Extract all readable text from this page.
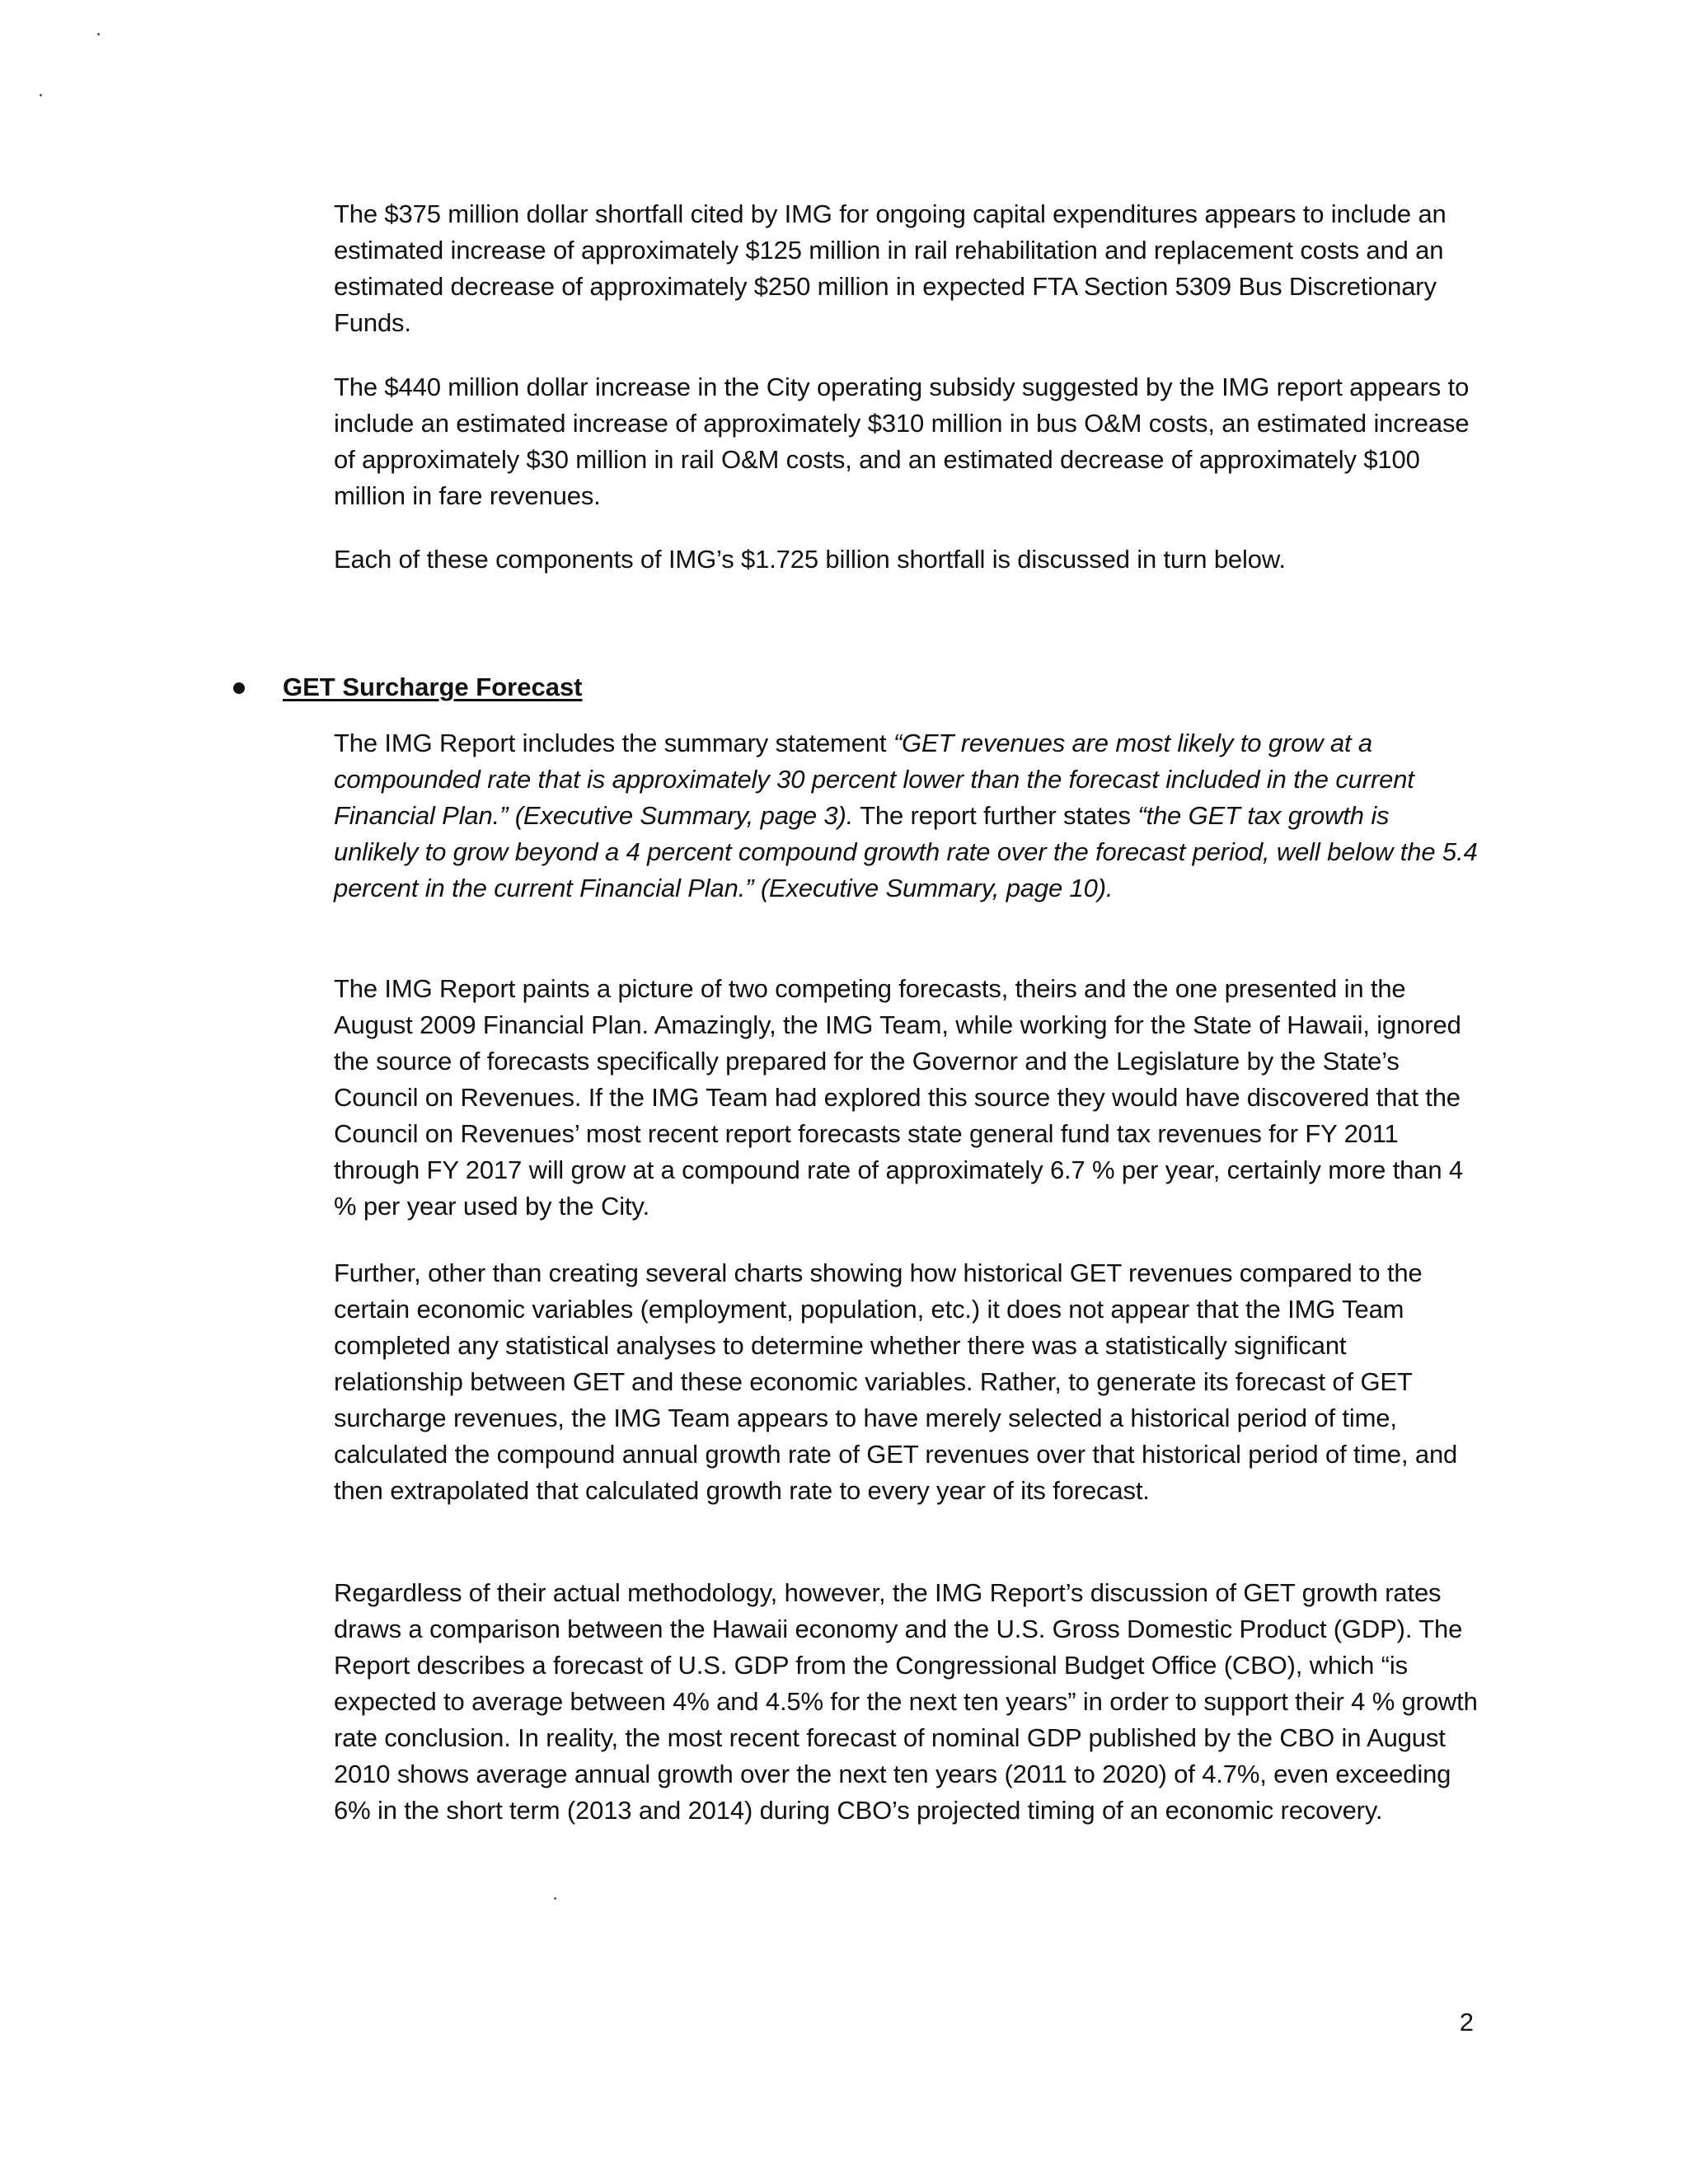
The $375 million dollar shortfall cited by IMG for ongoing capital expenditures appears to include an estimated increase of approximately $125 million in rail rehabilitation and replacement costs and an estimated decrease of approximately $250 million in expected FTA Section 5309 Bus Discretionary Funds.

The $440 million dollar increase in the City operating subsidy suggested by the IMG report appears to include an estimated increase of approximately $310 million in bus O&M costs, an estimated increase of approximately $30 million in rail O&M costs, and an estimated decrease of approximately $100 million in fare revenues.

Each of these components of IMG’s $1.725 billion shortfall is discussed in turn below.

GET Surcharge Forecast

The IMG Report includes the summary statement “GET revenues are most likely to grow at a compounded rate that is approximately 30 percent lower than the forecast included in the current Financial Plan.” (Executive Summary, page 3). The report further states “the GET tax growth is unlikely to grow beyond a 4 percent compound growth rate over the forecast period, well below the 5.4 percent in the current Financial Plan.” (Executive Summary, page 10).

The IMG Report paints a picture of two competing forecasts, theirs and the one presented in the August 2009 Financial Plan. Amazingly, the IMG Team, while working for the State of Hawaii, ignored the source of forecasts specifically prepared for the Governor and the Legislature by the State’s Council on Revenues. If the IMG Team had explored this source they would have discovered that the Council on Revenues’ most recent report forecasts state general fund tax revenues for FY 2011 through FY 2017 will grow at a compound rate of approximately 6.7 % per year, certainly more than 4 % per year used by the City.

Further, other than creating several charts showing how historical GET revenues compared to the certain economic variables (employment, population, etc.) it does not appear that the IMG Team completed any statistical analyses to determine whether there was a statistically significant relationship between GET and these economic variables. Rather, to generate its forecast of GET surcharge revenues, the IMG Team appears to have merely selected a historical period of time, calculated the compound annual growth rate of GET revenues over that historical period of time, and then extrapolated that calculated growth rate to every year of its forecast.

Regardless of their actual methodology, however, the IMG Report’s discussion of GET growth rates draws a comparison between the Hawaii economy and the U.S. Gross Domestic Product (GDP). The Report describes a forecast of U.S. GDP from the Congressional Budget Office (CBO), which “is expected to average between 4% and 4.5% for the next ten years” in order to support their 4 % growth rate conclusion. In reality, the most recent forecast of nominal GDP published by the CBO in August 2010 shows average annual growth over the next ten years (2011 to 2020) of 4.7%, even exceeding 6% in the short term (2013 and 2014) during CBO’s projected timing of an economic recovery.

2
